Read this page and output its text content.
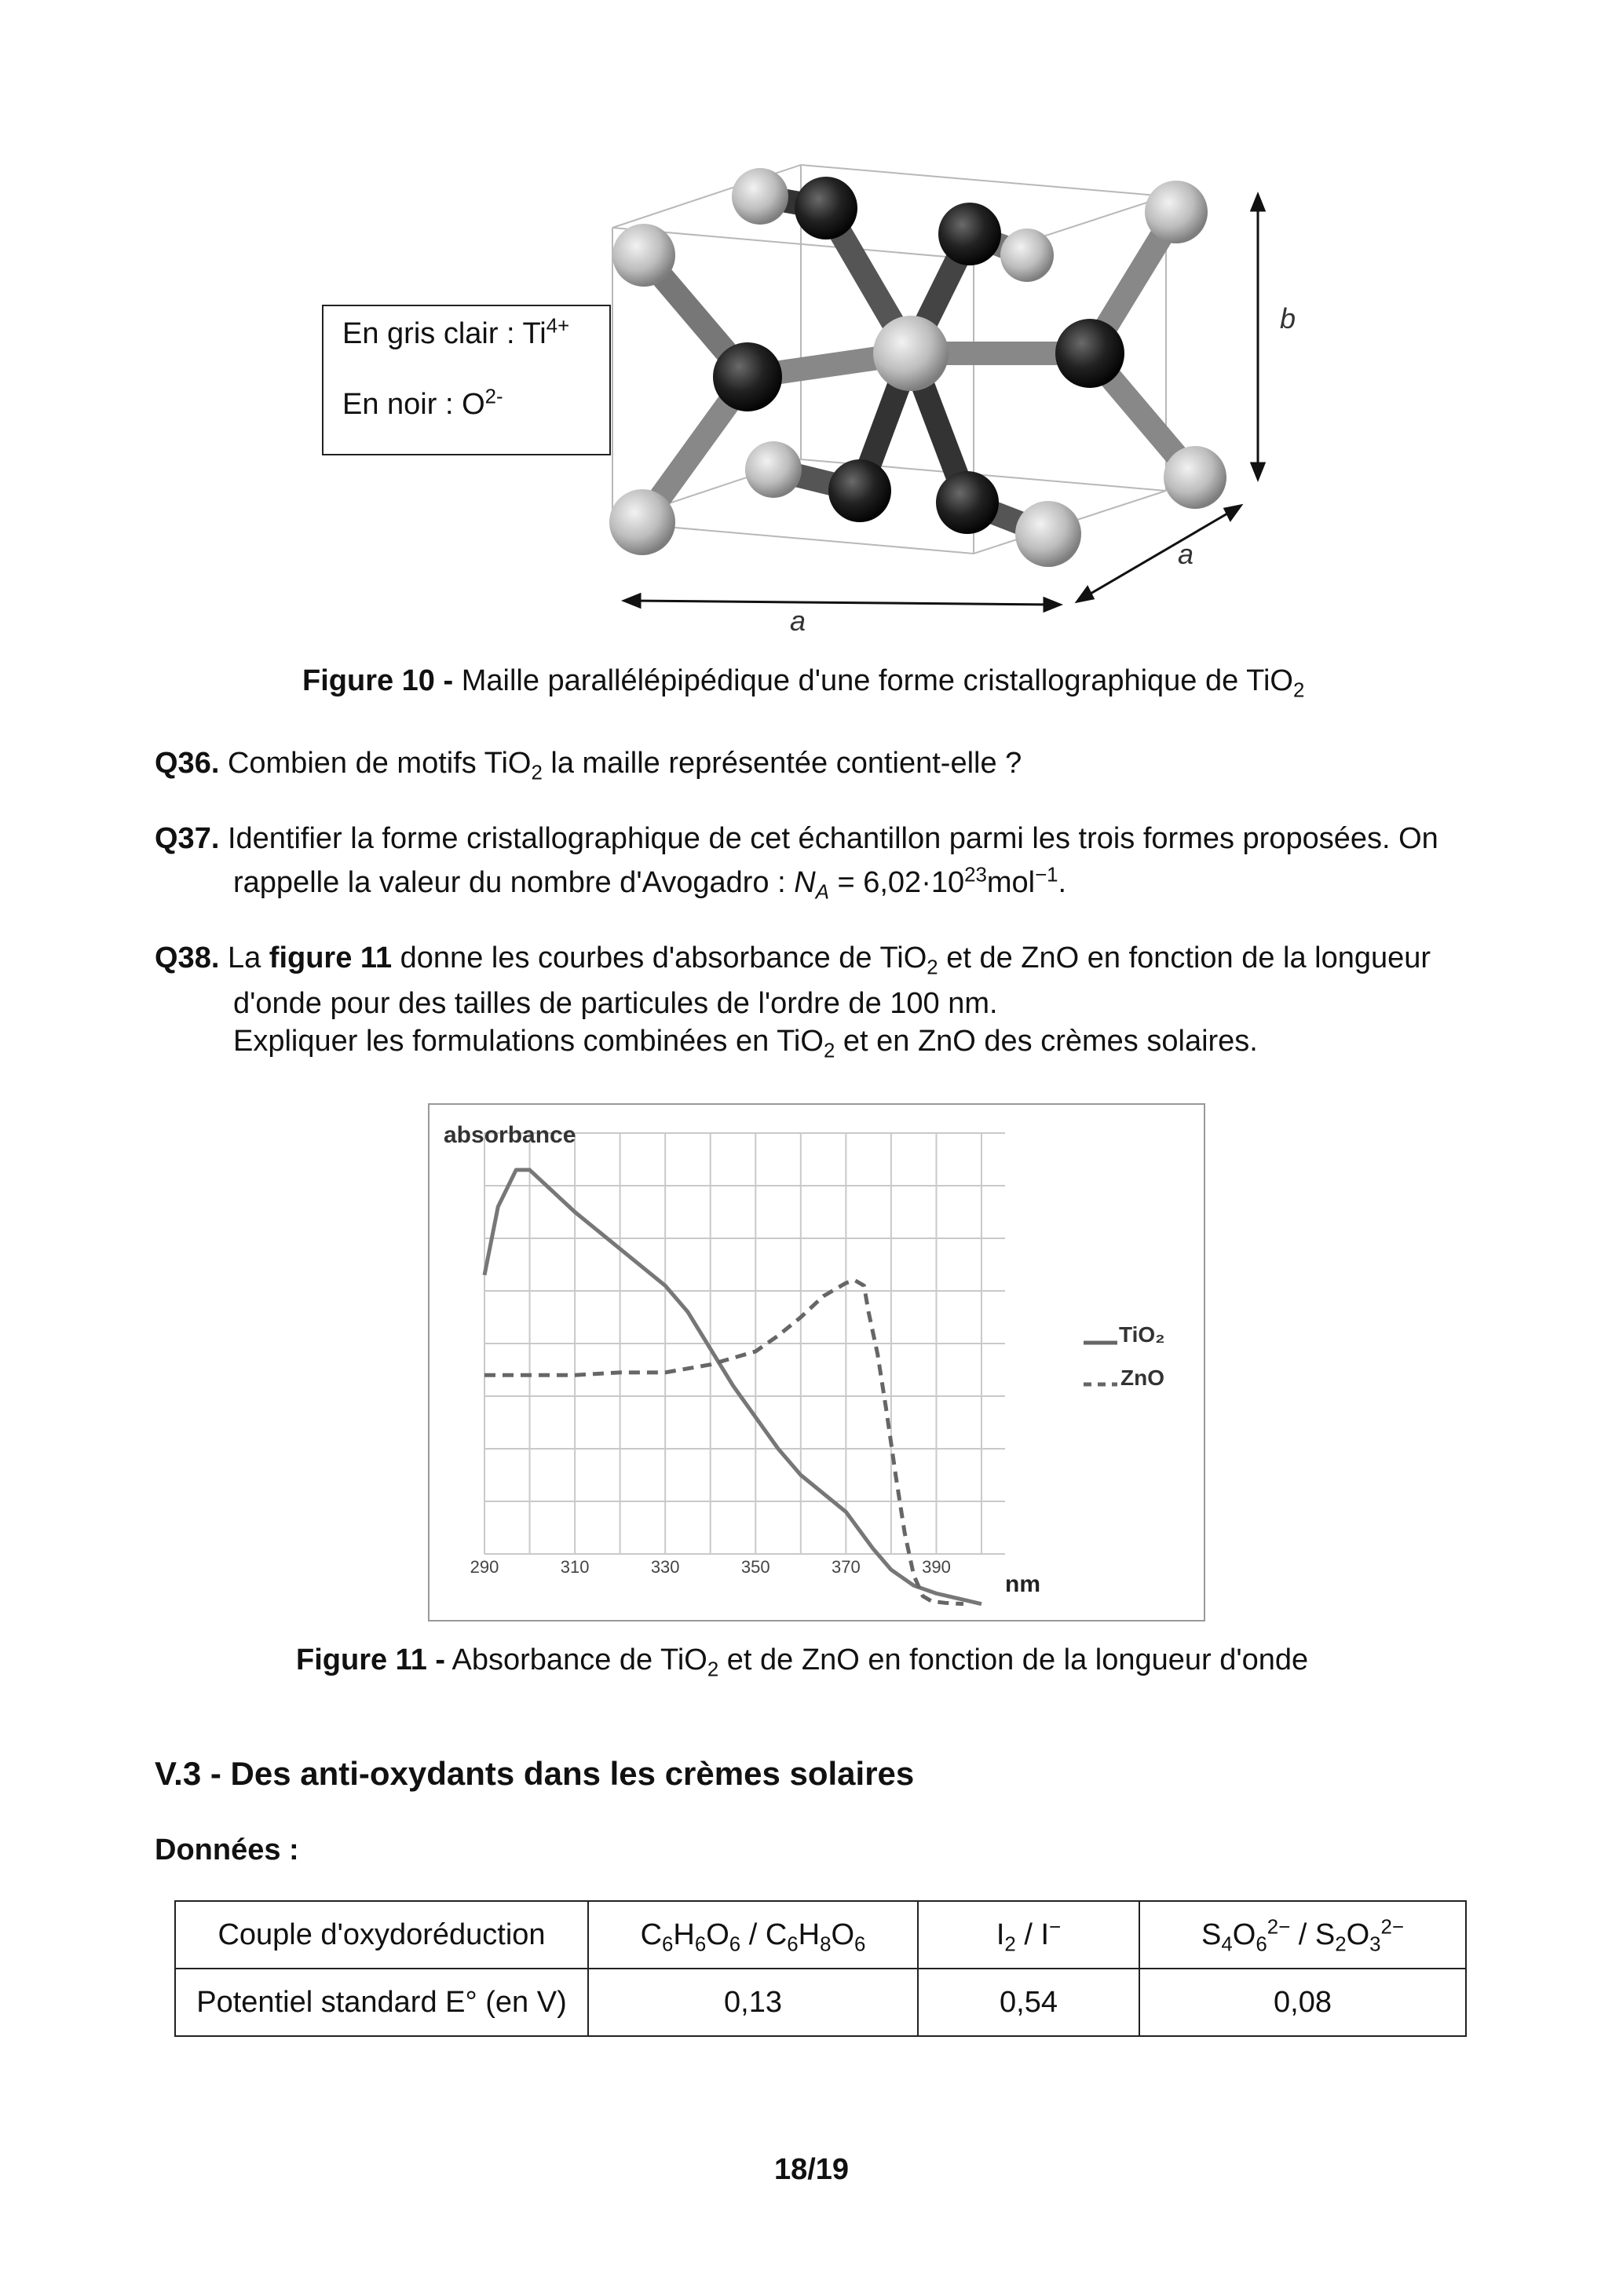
En gris clair : $Ti^{4+}$
En noir : $O^{2-}$
a
a
b
Figure 10 - Maille parallélépipédique d'une forme cristallographique de TiO$_2$
Q36. Combien de motifs TiO$_2$ la maille représentée contient-elle ?
Q37. Identifier la forme cristallographique de cet échantillon parmi les trois formes proposées. On
rappelle la valeur du nombre d'Avogadro : $N_A = 6,02\cdot 10^{23}mol^{-1}$.
Q38. La figure 11 donne les courbes d'absorbance de TiO$_2$ et de ZnO en fonction de la longueur
d'onde pour des tailles de particules de l'ordre de 100 nm.
Expliquer les formulations combinées en TiO$_2$ et en ZnO des crèmes solaires.
290	310	330	350	370	390
absorbance
nm
TiO₂
ZnO
Figure 11 - Absorbance de TiO$_2$ et de ZnO en fonction de la longueur d'onde
V.3 - Des anti-oxydants dans les crèmes solaires
Données :
Couple d'oxydoréduction	$C_6H_6O_6 / C_6H_8O_6$	$I_2 / I^-$	$S_4O_6^{2-} / S_2O_3^{2-}$
Potentiel standard E° (en V)	0,13	0,54	0,08
18/19
